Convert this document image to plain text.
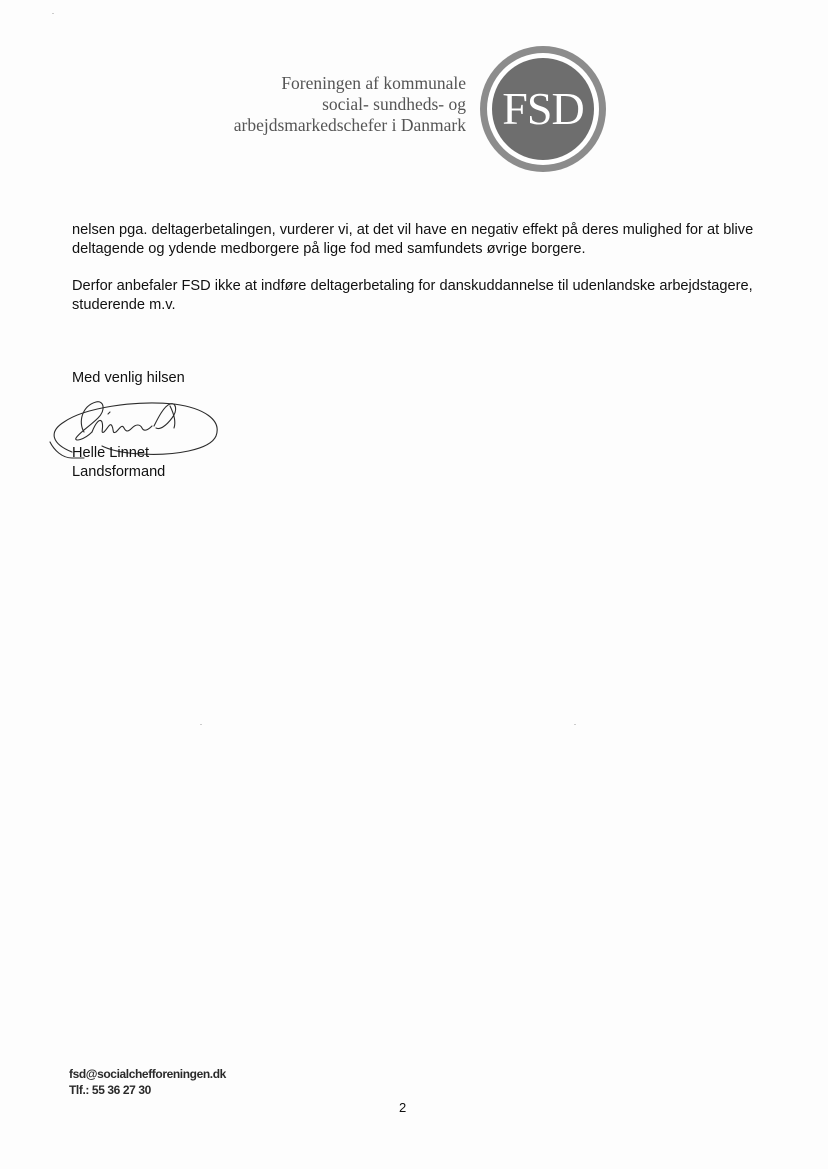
Foreningen af kommunale
social- sundheds- og
arbejdsmarkedschefer i Danmark FSD
nelsen pga. deltagerbetalingen, vurderer vi, at det vil have en negativ effekt på deres mulighed for at blive
deltagende og ydende medborgere på lige fod med samfundets øvrige borgere.
Derfor anbefaler FSD ikke at indføre deltagerbetaling for danskuddannelse til udenlandske arbejdstagere,
studerende m.v.
Med venlig hilsen
Helle Linnet
Landsformand
fsd@socialchefforeningen.dk
Tlf.: 55 36 27 30
2
